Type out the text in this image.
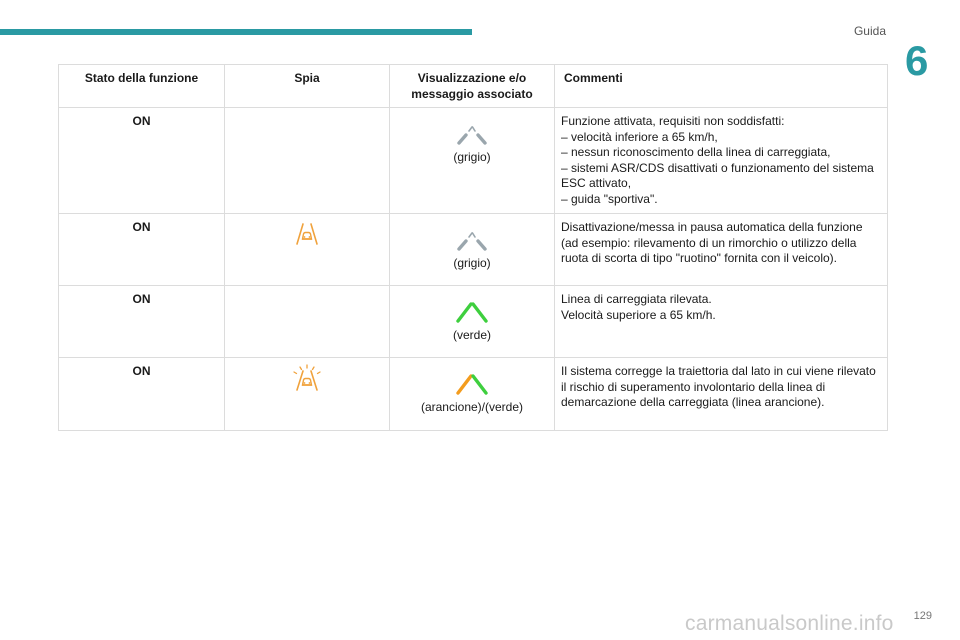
Guida
6
Stato della funzione	Spia	Visualizzazione e/o messaggio associato	Commenti
ON		(grigio)	Funzione attivata, requisiti non soddisfatti:
– velocità inferiore a 65 km/h,
– nessun riconoscimento della linea di carreggiata,
– sistemi ASR/CDS disattivati o funzionamento del sistema ESC attivato,
– guida "sportiva".

ON		(grigio)	Disattivazione/messa in pausa automatica della funzione (ad esempio: rilevamento di un rimorchio o utilizzo della ruota di scorta di tipo "ruotino" fornita con il veicolo).

ON		(verde)	Linea di carreggiata rilevata.
Velocità superiore a 65 km/h.

ON		(arancione)/(verde)	Il sistema corregge la traiettoria dal lato in cui viene rilevato il rischio di superamento involontario della linea di demarcazione della carreggiata (linea arancione).
carmanualsonline.info 129
